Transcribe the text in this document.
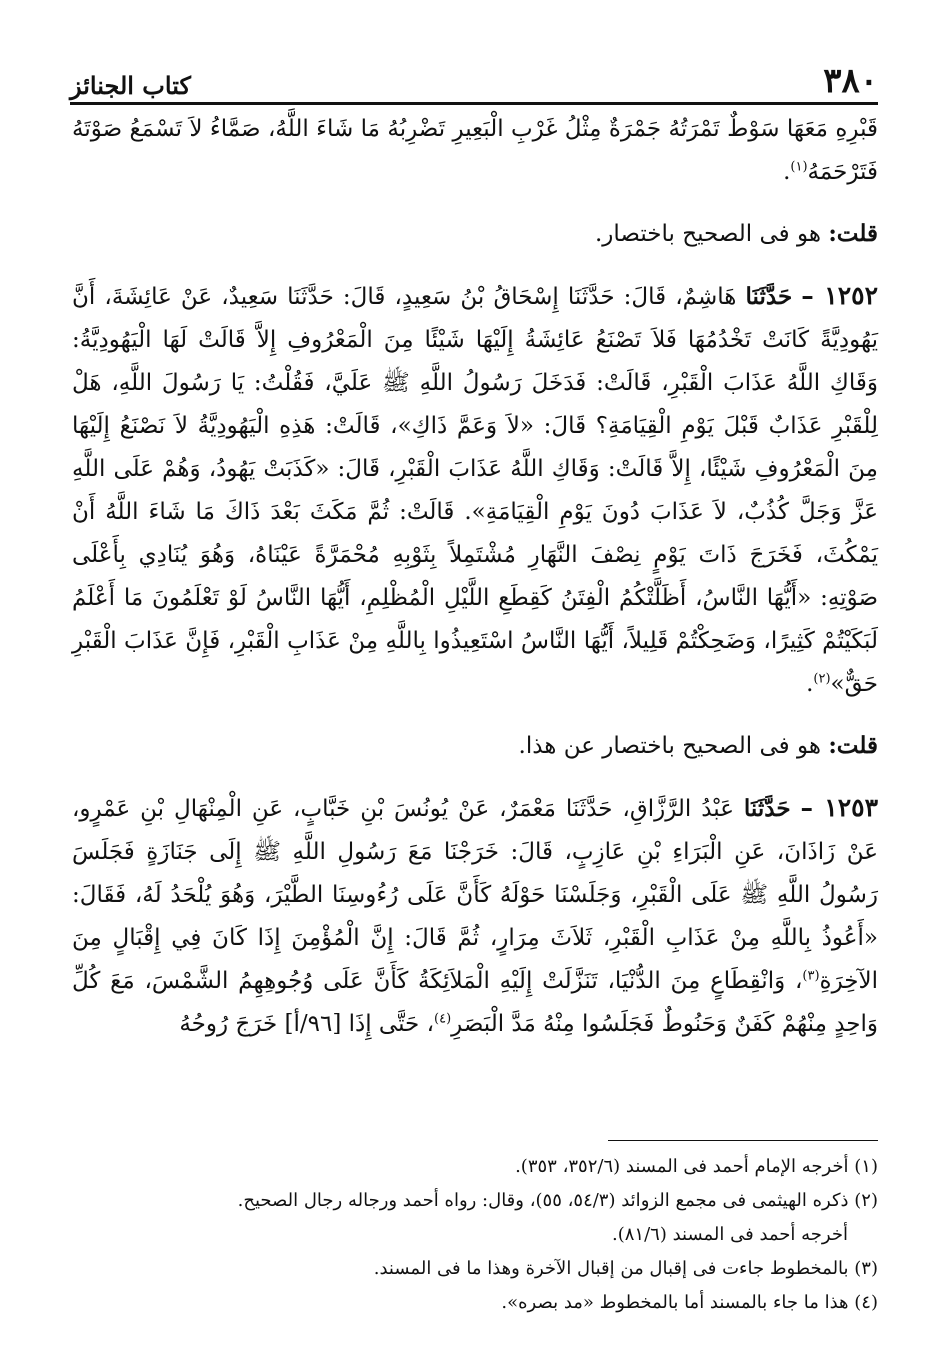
٣٨٠
كتاب الجنائز

قَبْرِهِ مَعَهَا سَوْطٌ تَمْرَتُهُ جَمْرَةٌ مِثْلُ غَرْبِ الْبَعِيرِ تَضْرِبُهُ مَا شَاءَ اللَّهُ، صَمَّاءُ لاَ تَسْمَعُ صَوْتَهُ فَتَرْحَمَهُ$^{(١)}$.

قلت: هو فى الصحيح باختصار.

١٢٥٢ – حَدَّثَنَا هَاشِمٌ، قَالَ: حَدَّثَنَا إِسْحَاقُ بْنُ سَعِيدٍ، قَالَ: حَدَّثَنَا سَعِيدٌ، عَنْ عَائِشَةَ، أَنَّ يَهُودِيَّةً كَانَتْ تَخْدُمُهَا فَلاَ تَصْنَعُ عَائِشَةُ إِلَيْهَا شَيْئًا مِنَ الْمَعْرُوفِ إِلاَّ قَالَتْ لَهَا الْيَهُودِيَّةُ: وَقَاكِ اللَّهُ عَذَابَ الْقَبْرِ، قَالَتْ: فَدَخَلَ رَسُولُ اللَّهِ ﷺ عَلَيَّ، فَقُلْتُ: يَا رَسُولَ اللَّهِ، هَلْ لِلْقَبْرِ عَذَابٌ قَبْلَ يَوْمِ الْقِيَامَةِ؟ قَالَ: «لاَ وَعَمَّ ذَاكِ»، قَالَتْ: هَذِهِ الْيَهُودِيَّةُ لاَ نَصْنَعُ إِلَيْهَا مِنَ الْمَعْرُوفِ شَيْئًا، إِلاَّ قَالَتْ: وَقَاكِ اللَّهُ عَذَابَ الْقَبْرِ، قَالَ: «كَذَبَتْ يَهُودُ، وَهُمْ عَلَى اللَّهِ عَزَّ وَجَلَّ كُذُبٌ، لاَ عَذَابَ دُونَ يَوْمِ الْقِيَامَةِ». قَالَتْ: ثُمَّ مَكَثَ بَعْدَ ذَاكَ مَا شَاءَ اللَّهُ أَنْ يَمْكُثَ، فَخَرَجَ ذَاتَ يَوْمٍ نِصْفَ النَّهَارِ مُشْتَمِلاً بِثَوْبِهِ مُحْمَرَّةً عَيْنَاهُ، وَهُوَ يُنَادِي بِأَعْلَى صَوْتِهِ: «أَيُّهَا النَّاسُ، أَظَلَّتْكُمُ الْفِتَنُ كَقِطَعِ اللَّيْلِ الْمُظْلِمِ، أَيُّهَا النَّاسُ لَوْ تَعْلَمُونَ مَا أَعْلَمُ لَبَكَيْتُمْ كَثِيرًا، وَضَحِكْتُمْ قَلِيلاً، أَيُّهَا النَّاسُ اسْتَعِيذُوا بِاللَّهِ مِنْ عَذَابِ الْقَبْرِ، فَإِنَّ عَذَابَ الْقَبْرِ حَقٌّ»$^{(٢)}$.

قلت: هو فى الصحيح باختصار عن هذا.

١٢٥٣ – حَدَّثَنَا عَبْدُ الرَّزَّاقِ، حَدَّثَنَا مَعْمَرٌ، عَنْ يُونُسَ بْنِ خَبَّابٍ، عَنِ الْمِنْهَالِ بْنِ عَمْرٍو، عَنْ زَاذَانَ، عَنِ الْبَرَاءِ بْنِ عَازِبٍ، قَالَ: خَرَجْنَا مَعَ رَسُولِ اللَّهِ ﷺ إِلَى جَنَازَةٍ فَجَلَسَ رَسُولُ اللَّهِ ﷺ عَلَى الْقَبْرِ، وَجَلَسْنَا حَوْلَهُ كَأَنَّ عَلَى رُءُوسِنَا الطَّيْرَ، وَهُوَ يُلْحَدُ لَهُ، فَقَالَ: «أَعُوذُ بِاللَّهِ مِنْ عَذَابِ الْقَبْرِ، ثَلاَثَ مِرَارٍ، ثُمَّ قَالَ: إِنَّ الْمُؤْمِنَ إِذَا كَانَ فِي إِقْبَالٍ مِنَ الآخِرَةِ$^{(٣)}$، وَانْقِطَاعٍ مِنَ الدُّنْيَا، تَنَزَّلَتْ إِلَيْهِ الْمَلاَئِكَةُ كَأَنَّ عَلَى وُجُوهِهِمُ الشَّمْسَ، مَعَ كُلِّ وَاحِدٍ مِنْهُمْ كَفَنٌ وَحَنُوطٌ فَجَلَسُوا مِنْهُ مَدَّ الْبَصَرِ$^{(٤)}$، حَتَّى إِذَا [٩٦/أ] خَرَجَ رُوحُهُ

(١) أخرجه الإمام أحمد فى المسند (٣٥٢/٦، ٣٥٣).

(٢) ذكره الهيثمى فى مجمع الزوائد (٥٤/٣، ٥٥)، وقال: رواه أحمد ورجاله رجال الصحيح.

أخرجه أحمد فى المسند (٨١/٦).

(٣) بالمخطوط جاءت فى إقبال من إقبال الآخرة وهذا ما فى المسند.

(٤) هذا ما جاء بالمسند أما بالمخطوط «مد بصره».
